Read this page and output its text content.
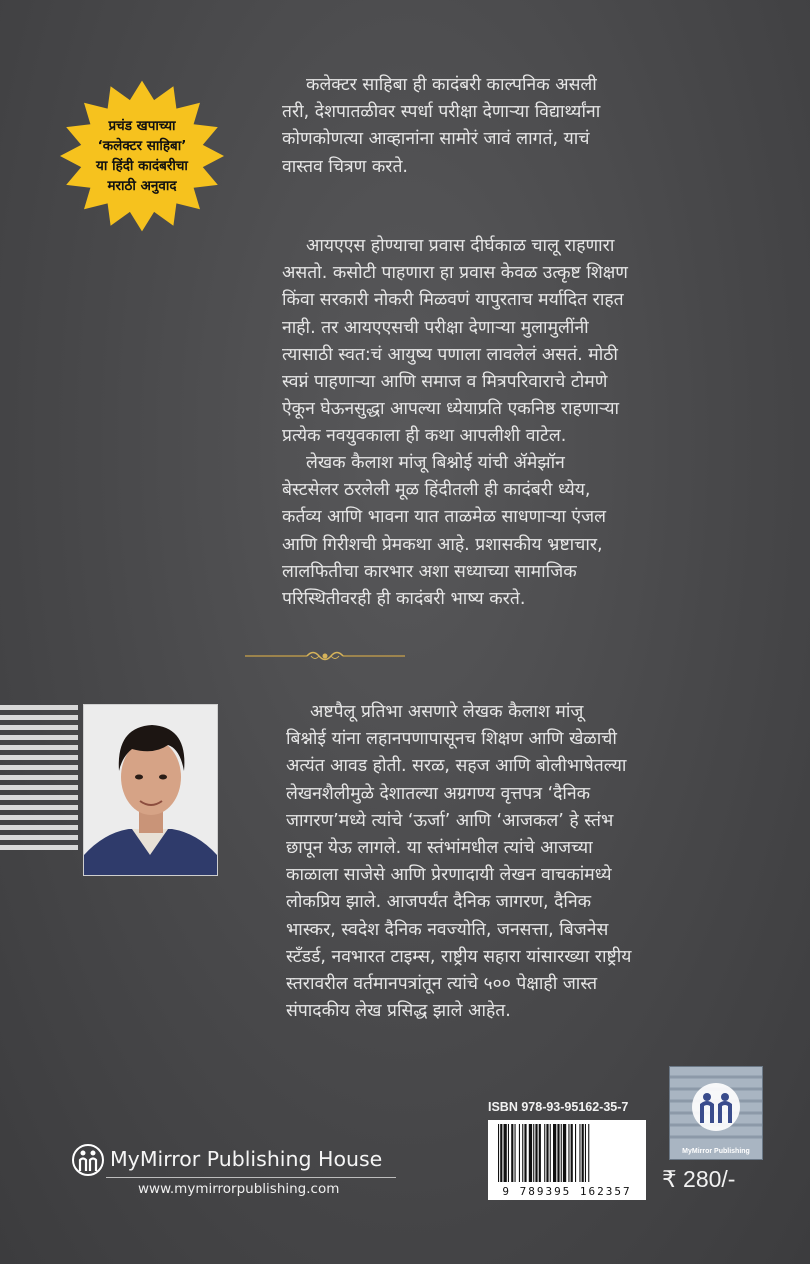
प्रचंड खपाच्या
‘कलेक्टर साहिबा’
या हिंदी कादंबरीचा
मराठी अनुवाद
कलेक्टर साहिबा ही कादंबरी काल्पनिक असली
तरी, देशपातळीवर स्पर्धा परीक्षा देणाऱ्या विद्यार्थ्यांना
कोणकोणत्या आव्हानांना सामोरं जावं लागतं, याचं
वास्तव चित्रण करते.
आयएएस होण्याचा प्रवास दीर्घकाळ चालू राहणारा
असतो. कसोटी पाहणारा हा प्रवास केवळ उत्कृष्ट शिक्षण
किंवा सरकारी नोकरी मिळवणं यापुरताच मर्यादित राहत
नाही. तर आयएएसची परीक्षा देणाऱ्या मुलामुलींनी
त्यासाठी स्वत:चं आयुष्य पणाला लावलेलं असतं. मोठी
स्वप्नं पाहणाऱ्या आणि समाज व मित्रपरिवाराचे टोमणे
ऐकून घेऊनसुद्धा आपल्या ध्येयाप्रति एकनिष्ठ राहणाऱ्या
प्रत्येक नवयुवकाला ही कथा आपलीशी वाटेल.
लेखक कैलाश मांजू बिश्नोई यांची ॲमेझॉन
बेस्टसेलर ठरलेली मूळ हिंदीतली ही कादंबरी ध्येय,
कर्तव्य आणि भावना यात ताळमेळ साधणाऱ्या एंजल
आणि गिरीशची प्रेमकथा आहे. प्रशासकीय भ्रष्टाचार,
लालफितीचा कारभार अशा सध्याच्या सामाजिक
परिस्थितीवरही ही कादंबरी भाष्य करते.
अष्टपैलू प्रतिभा असणारे लेखक कैलाश मांजू
बिश्नोई यांना लहानपणापासूनच शिक्षण आणि खेळाची
अत्यंत आवड होती. सरळ, सहज आणि बोलीभाषेतल्या
लेखनशैलीमुळे देशातल्या अग्रगण्य वृत्तपत्र ‘दैनिक
जागरण’मध्ये त्यांचे ‘ऊर्जा’ आणि ‘आजकल’ हे स्तंभ
छापून येऊ लागले. या स्तंभांमधील त्यांचे आजच्या
काळाला साजेसे आणि प्रेरणादायी लेखन वाचकांमध्ये
लोकप्रिय झाले. आजपर्यंत दैनिक जागरण, दैनिक
भास्कर, स्वदेश दैनिक नवज्योति, जनसत्ता, बिजनेस
स्टँडर्ड, नवभारत टाइम्स, राष्ट्रीय सहारा यांसारख्या राष्ट्रीय
स्तरावरील वर्तमानपत्रांतून त्यांचे ५०० पेक्षाही जास्त
संपादकीय लेख प्रसिद्ध झाले आहेत.
MyMirror Publishing
ISBN 978-93-95162-35-7
9 789395 162357	₹ 280/-
MyMirror Publishing House
www.mymirrorpublishing.com
